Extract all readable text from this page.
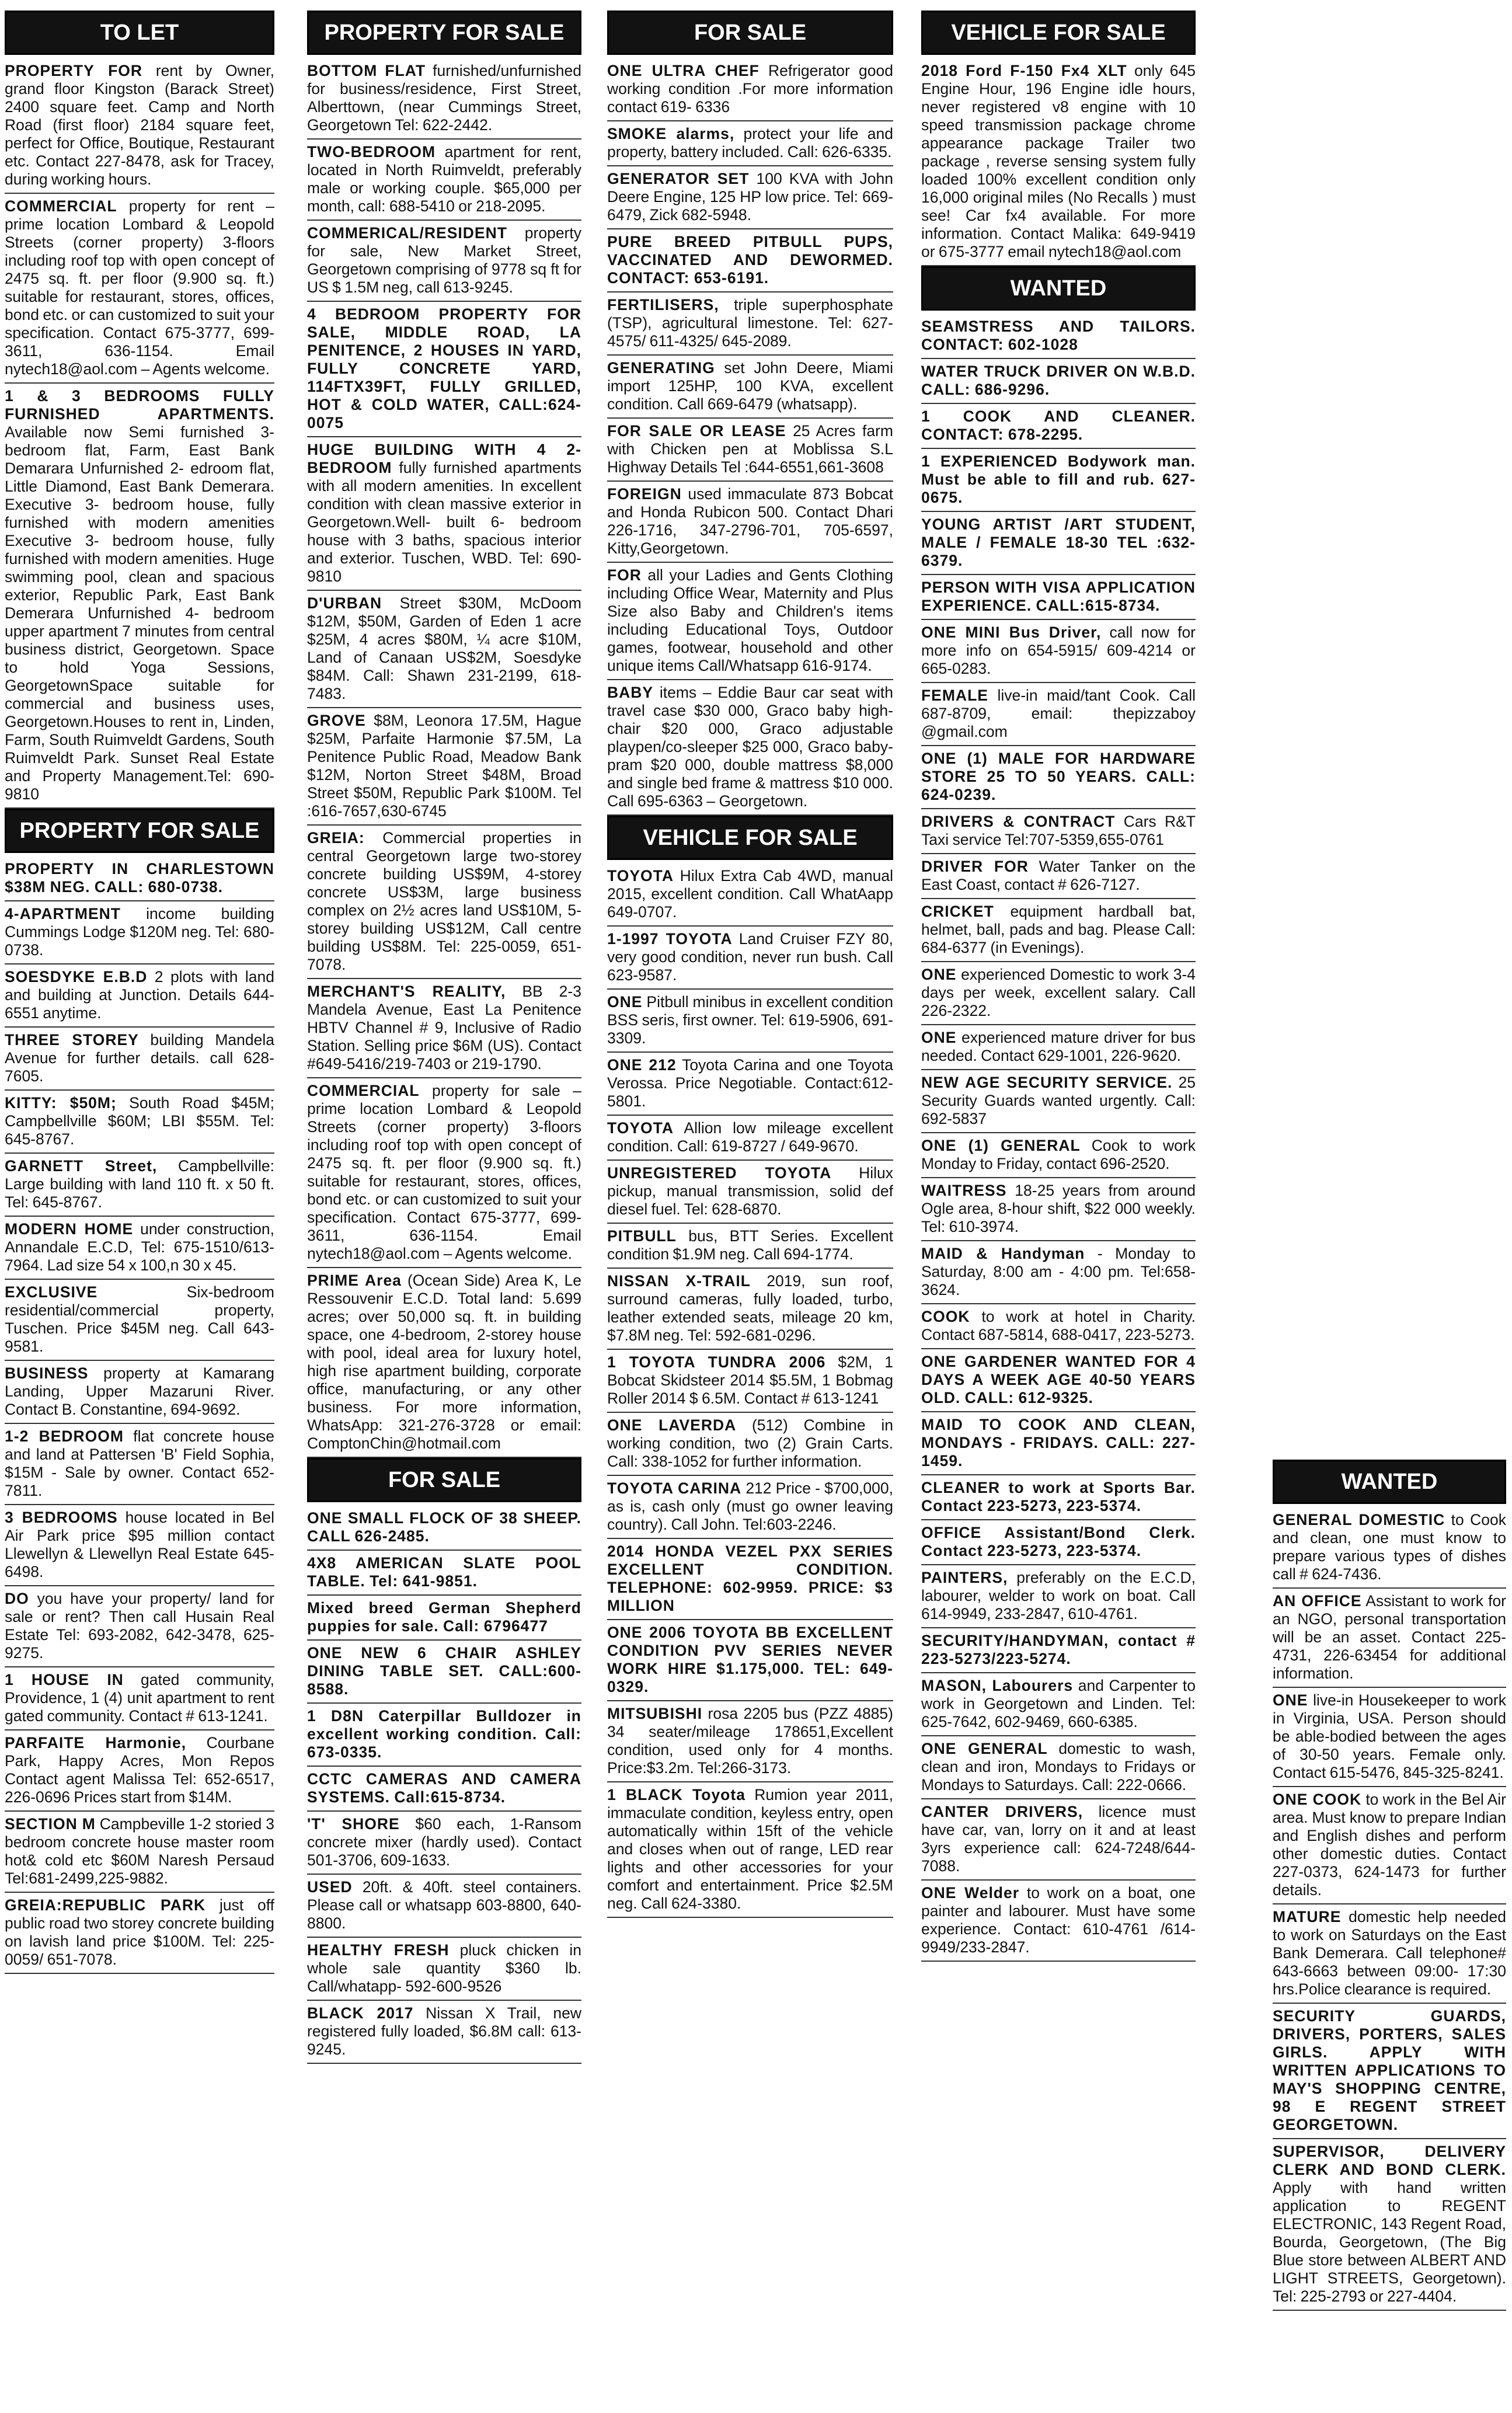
TO LET
PROPERTY FOR rent by Owner, grand floor Kingston (Barack Street) 2400 square feet. Camp and North Road (first floor) 2184 square feet, perfect for Office, Boutique, Restaurant etc. Contact 227-8478, ask for Tracey, during working hours.
COMMERCIAL property for rent – prime location Lombard & Leopold Streets (corner property) 3-floors including roof top with open concept of 2475 sq. ft. per floor (9.900 sq. ft.) suitable for restaurant, stores, offices, bond etc. or can customized to suit your specification. Contact 675-3777, 699-3611, 636-1154. Email nytech18@aol.com – Agents welcome.
1 & 3 BEDROOMS FULLY FURNISHED APARTMENTS. Available now Semi furnished 3- bedroom flat, Farm, East Bank Demarara Unfurnished 2- edroom flat, Little Diamond, East Bank Demerara. Executive 3- bedroom house, fully furnished with modern amenities Executive 3- bedroom house, fully furnished with modern amenities. Huge swimming pool, clean and spacious exterior, Republic Park, East Bank Demerara Unfurnished 4- bedroom upper apartment 7 minutes from central business district, Georgetown. Space to hold Yoga Sessions, GeorgetownSpace suitable for commercial and business uses, Georgetown.Houses to rent in, Linden, Farm, South Ruimveldt Gardens, South Ruimveldt Park. Sunset Real Estate and Property Management.Tel: 690-9810
PROPERTY FOR SALE
PROPERTY IN CHARLESTOWN $38M NEG. CALL: 680-0738.
4-APARTMENT income building Cummings Lodge $120M neg. Tel: 680-0738.
SOESDYKE E.B.D 2 plots with land and building at Junction. Details 644-6551 anytime.
THREE STOREY building Mandela Avenue for further details. call 628-7605.
KITTY: $50M; South Road $45M; Campbellville $60M; LBI $55M. Tel: 645-8767.
GARNETT Street, Campbellville: Large building with land 110 ft. x 50 ft. Tel: 645-8767.
MODERN HOME under construction, Annandale E.C.D, Tel: 675-1510/613-7964. Lad size 54 x 100,n 30 x 45.
EXCLUSIVE	Six-bedroom residential/commercial property, Tuschen. Price $45M neg. Call 643-9581.
BUSINESS property at Kamarang Landing, Upper Mazaruni River. Contact B. Constantine, 694-9692.
1-2 BEDROOM flat concrete house and land at Pattersen 'B' Field Sophia, $15M - Sale by owner. Contact 652-7811.
3 BEDROOMS house located in Bel Air Park price $95 million contact Llewellyn & Llewellyn Real Estate 645-6498.
DO you have your property/ land for sale or rent? Then call Husain Real Estate Tel: 693-2082, 642-3478, 625-9275.
1 HOUSE IN gated community, Providence, 1 (4) unit apartment to rent gated community. Contact # 613-1241.
PARFAITE Harmonie, Courbane Park, Happy Acres, Mon Repos Contact agent Malissa Tel: 652-6517, 226-0696 Prices start from $14M.
SECTION M Campbeville 1-2 storied 3 bedroom concrete house master room hot& cold etc $60M Naresh Persaud Tel:681-2499,225-9882.
GREIA:REPUBLIC PARK just off public road two storey concrete building on lavish land price $100M. Tel: 225-0059/ 651-7078.
PROPERTY FOR SALE
BOTTOM FLAT furnished/unfurnished for business/residence, First Street, Alberttown, (near Cummings Street, Georgetown Tel: 622-2442.
TWO-BEDROOM apartment for rent, located in North Ruimveldt, preferably male or working couple. $65,000 per month, call: 688-5410 or 218-2095.
COMMERICAL/RESIDENT property for sale, New Market Street, Georgetown comprising of 9778 sq ft for US $ 1.5M neg, call 613-9245.
4 BEDROOM PROPERTY FOR SALE, MIDDLE ROAD, LA PENITENCE, 2 HOUSES IN YARD, FULLY CONCRETE YARD, 114FTX39FT, FULLY GRILLED, HOT & COLD WATER, CALL:624-0075
HUGE BUILDING WITH 4 2-BEDROOM fully furnished apartments with all modern amenities. In excellent condition with clean massive exterior in Georgetown.Well- built 6- bedroom house with 3 baths, spacious interior and exterior. Tuschen, WBD. Tel: 690-9810
D'URBAN Street $30M, McDoom $12M, $50M, Garden of Eden 1 acre $25M, 4 acres $80M, ¼ acre $10M, Land of Canaan US$2M, Soesdyke $84M. Call: Shawn 231-2199, 618-7483.
GROVE $8M, Leonora 17.5M, Hague $25M, Parfaite Harmonie $7.5M, La Penitence Public Road, Meadow Bank $12M, Norton Street $48M, Broad Street $50M, Republic Park $100M. Tel :616-7657,630-6745
GREIA: Commercial properties in central Georgetown large two-storey concrete building US$9M, 4-storey concrete US$3M, large business complex on 2½ acres land US$10M, 5-storey building US$12M, Call centre building US$8M. Tel: 225-0059, 651-7078.
MERCHANT'S REALITY, BB 2-3 Mandela Avenue, East La Penitence HBTV Channel # 9, Inclusive of Radio Station. Selling price $6M (US). Contact #649-5416/219-7403 or 219-1790.
COMMERCIAL property for sale – prime location Lombard & Leopold Streets (corner property) 3-floors including roof top with open concept of 2475 sq. ft. per floor (9.900 sq. ft.) suitable for restaurant, stores, offices, bond etc. or can customized to suit your specification. Contact 675-3777, 699-3611, 636-1154. Email nytech18@aol.com – Agents welcome.
PRIME Area (Ocean Side) Area K, Le Ressouvenir E.C.D. Total land: 5.699 acres; over 50,000 sq. ft. in building space, one 4-bedroom, 2-storey house with pool, ideal area for luxury hotel, high rise apartment building, corporate office, manufacturing, or any other business. For more information, WhatsApp: 321-276-3728 or email: ComptonChin@hotmail.com
FOR SALE
ONE SMALL FLOCK OF 38 SHEEP. CALL 626-2485.
4X8 AMERICAN SLATE POOL TABLE. Tel: 641-9851.
Mixed breed German Shepherd puppies for sale. Call: 6796477
ONE NEW 6 CHAIR ASHLEY DINING TABLE SET. CALL:600-8588.
1 D8N Caterpillar Bulldozer in excellent working condition. Call: 673-0335.
CCTC CAMERAS AND CAMERA SYSTEMS. Call:615-8734.
'T' SHORE $60 each, 1-Ransom concrete mixer (hardly used). Contact 501-3706, 609-1633.
USED 20ft. & 40ft. steel containers. Please call or whatsapp 603-8800, 640-8800.
HEALTHY FRESH pluck chicken in whole sale quantity $360 lb. Call/whatapp- 592-600-9526
BLACK 2017 Nissan X Trail, new registered fully loaded, $6.8M call: 613-9245.
FOR SALE
ONE ULTRA CHEF Refrigerator good working condition .For more information contact 619- 6336
SMOKE alarms, protect your life and property, battery included. Call: 626-6335.
GENERATOR SET 100 KVA with John Deere Engine, 125 HP low price. Tel: 669-6479, Zick 682-5948.
PURE BREED PITBULL PUPS, VACCINATED AND DEWORMED. CONTACT: 653-6191.
FERTILISERS, triple superphosphate (TSP), agricultural limestone. Tel: 627-4575/ 611-4325/ 645-2089.
GENERATING set John Deere, Miami import 125HP, 100 KVA, excellent condition. Call 669-6479 (whatsapp).
FOR SALE OR LEASE 25 Acres farm with Chicken pen at Moblissa S.L Highway Details Tel :644-6551,661-3608
FOREIGN used immaculate 873 Bobcat and Honda Rubicon 500. Contact Dhari 226-1716, 347-2796-701, 705-6597, Kitty,Georgetown.
FOR all your Ladies and Gents Clothing including Office Wear, Maternity and Plus Size also Baby and Children's items including Educational Toys, Outdoor games, footwear, household and other unique items Call/Whatsapp 616-9174.
BABY items – Eddie Baur car seat with travel case $30 000, Graco baby high-chair $20 000, Graco adjustable playpen/co-sleeper $25 000, Graco baby-pram $20 000, double mattress $8,000 and single bed frame & mattress $10 000. Call 695-6363 – Georgetown.
VEHICLE FOR SALE
TOYOTA Hilux Extra Cab 4WD, manual 2015, excellent condition. Call WhatAapp 649-0707.
1-1997 TOYOTA Land Cruiser FZY 80, very good condition, never run bush. Call 623-9587.
ONE Pitbull minibus in excellent condition BSS seris, first owner. Tel: 619-5906, 691-3309.
ONE 212 Toyota Carina and one Toyota Verossa. Price Negotiable. Contact:612-5801.
TOYOTA Allion low mileage excellent condition. Call: 619-8727 / 649-9670.
UNREGISTERED TOYOTA Hilux pickup, manual transmission, solid def diesel fuel. Tel: 628-6870.
PITBULL bus, BTT Series. Excellent condition $1.9M neg. Call 694-1774.
NISSAN X-TRAIL 2019, sun roof, surround cameras, fully loaded, turbo, leather extended seats, mileage 20 km, $7.8M neg. Tel: 592-681-0296.
1 TOYOTA TUNDRA 2006 $2M, 1 Bobcat Skidsteer 2014 $5.5M, 1 Bobmag Roller 2014 $ 6.5M. Contact # 613-1241
ONE LAVERDA (512) Combine in working condition, two (2) Grain Carts. Call: 338-1052 for further information.
TOYOTA CARINA 212 Price - $700,000, as is, cash only (must go owner leaving country). Call John. Tel:603-2246.
2014 HONDA VEZEL PXX SERIES EXCELLENT CONDITION. TELEPHONE: 602-9959. PRICE: $3 MILLION
ONE 2006 TOYOTA BB EXCELLENT CONDITION PVV SERIES NEVER WORK HIRE $1.175,000. TEL: 649-0329.
MITSUBISHI rosa 2205 bus (PZZ 4885) 34 seater/mileage 178651,Excellent condition, used only for 4 months. Price:$3.2m. Tel:266-3173.
1 BLACK Toyota Rumion year 2011, immaculate condition, keyless entry, open automatically within 15ft of the vehicle and closes when out of range, LED rear lights and other accessories for your comfort and entertainment. Price $2.5M neg. Call 624-3380.
VEHICLE FOR SALE
2018 Ford F-150 Fx4 XLT only 645 Engine Hour, 196 Engine idle hours, never registered v8 engine with 10 speed transmission package chrome appearance package Trailer two package , reverse sensing system fully loaded 100% excellent condition only 16,000 original miles (No Recalls ) must see! Car fx4 available. For more information. Contact Malika: 649-9419 or 675-3777 email nytech18@aol.com
WANTED
SEAMSTRESS AND TAILORS. CONTACT: 602-1028
WATER TRUCK DRIVER ON W.B.D. CALL: 686-9296.
1 COOK AND CLEANER. CONTACT: 678-2295.
1 EXPERIENCED Bodywork man. Must be able to fill and rub. 627-0675.
YOUNG ARTIST /ART STUDENT, MALE / FEMALE 18-30 TEL :632-6379.
PERSON WITH VISA APPLICATION EXPERIENCE. CALL:615-8734.
ONE MINI Bus Driver, call now for more info on 654-5915/ 609-4214 or 665-0283.
FEMALE live-in maid/tant Cook. Call 687-8709, email: thepizzaboy @gmail.com
ONE (1) MALE FOR HARDWARE STORE 25 TO 50 YEARS. CALL: 624-0239.
DRIVERS & CONTRACT Cars R&T Taxi service Tel:707-5359,655-0761
DRIVER FOR Water Tanker on the East Coast, contact # 626-7127.
CRICKET equipment hardball bat, helmet, ball, pads and bag. Please Call: 684-6377 (in Evenings).
ONE experienced Domestic to work 3-4 days per week, excellent salary. Call 226-2322.
ONE experienced mature driver for bus needed. Contact 629-1001, 226-9620.
NEW AGE SECURITY SERVICE. 25 Security Guards wanted urgently. Call: 692-5837
ONE (1) GENERAL Cook to work Monday to Friday, contact 696-2520.
WAITRESS 18-25 years from around Ogle area, 8-hour shift, $22 000 weekly. Tel: 610-3974.
MAID & Handyman - Monday to Saturday, 8:00 am - 4:00 pm. Tel:658-3624.
COOK to work at hotel in Charity. Contact 687-5814, 688-0417, 223-5273.
ONE GARDENER WANTED FOR 4 DAYS A WEEK AGE 40-50 YEARS OLD. CALL: 612-9325.
MAID TO COOK AND CLEAN, MONDAYS - FRIDAYS. CALL: 227-1459.
CLEANER to work at Sports Bar. Contact 223-5273, 223-5374.
OFFICE Assistant/Bond Clerk. Contact 223-5273, 223-5374.
PAINTERS, preferably on the E.C.D, labourer, welder to work on boat. Call 614-9949, 233-2847, 610-4761.
SECURITY/HANDYMAN, contact # 223-5273/223-5274.
MASON, Labourers and Carpenter to work in Georgetown and Linden. Tel: 625-7642, 602-9469, 660-6385.
ONE GENERAL domestic to wash, clean and iron, Mondays to Fridays or Mondays to Saturdays. Call: 222-0666.
CANTER DRIVERS, licence must have car, van, lorry on it and at least 3yrs experience call: 624-7248/644-7088.
ONE Welder to work on a boat, one painter and labourer. Must have some experience. Contact: 610-4761 /614-9949/233-2847.
WANTED
GENERAL DOMESTIC to Cook and clean, one must know to prepare various types of dishes call # 624-7436.
AN OFFICE Assistant to work for an NGO, personal transportation will be an asset. Contact 225-4731, 226-63454 for additional information.
ONE live-in Housekeeper to work in Virginia, USA. Person should be able-bodied between the ages of 30-50 years. Female only. Contact 615-5476, 845-325-8241.
ONE COOK to work in the Bel Air area. Must know to prepare Indian and English dishes and perform other domestic duties. Contact 227-0373, 624-1473 for further details.
MATURE domestic help needed to work on Saturdays on the East Bank Demerara. Call telephone# 643-6663 between 09:00- 17:30 hrs.Police clearance is required.
SECURITY GUARDS, DRIVERS, PORTERS, SALES GIRLS. APPLY WITH WRITTEN APPLICATIONS TO MAY'S SHOPPING CENTRE, 98 E REGENT STREET GEORGETOWN.
SUPERVISOR, DELIVERY CLERK AND BOND CLERK. Apply with hand written application to REGENT ELECTRONIC, 143 Regent Road, Bourda, Georgetown, (The Big Blue store between ALBERT AND LIGHT STREETS, Georgetown). Tel: 225-2793 or 227-4404.
